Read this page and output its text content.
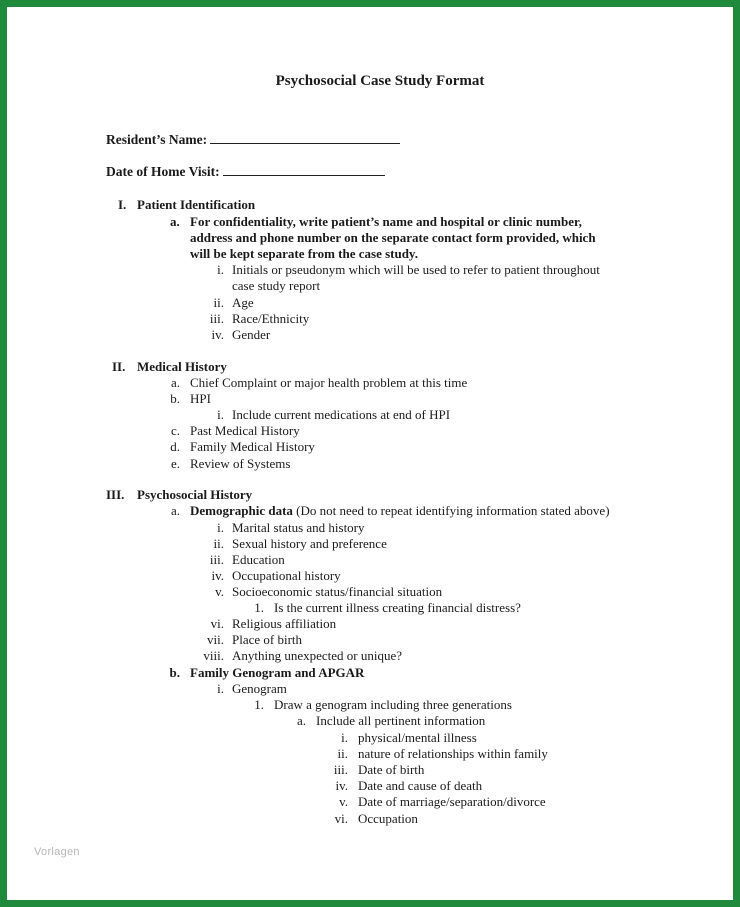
Psychosocial Case Study Format
Resident’s Name:
Date of Home Visit:
I. Patient Identification
a. For confidentiality, write patient’s name and hospital or clinic number,
address and phone number on the separate contact form provided, which
will be kept separate from the case study.
i. Initials or pseudonym which will be used to refer to patient throughout
case study report
ii. Age
iii. Race/Ethnicity
iv. Gender
II. Medical History
a. Chief Complaint or major health problem at this time
b. HPI
i. Include current medications at end of HPI
c. Past Medical History
d. Family Medical History
e. Review of Systems
III. Psychosocial History
a. Demographic data (Do not need to repeat identifying information stated above)
i. Marital status and history
ii. Sexual history and preference
iii. Education
iv. Occupational history
v. Socioeconomic status/financial situation
1. Is the current illness creating financial distress?
vi. Religious affiliation
vii. Place of birth
viii. Anything unexpected or unique?
b. Family Genogram and APGAR
i. Genogram
1. Draw a genogram including three generations
a. Include all pertinent information
i. physical/mental illness
ii. nature of relationships within family
iii. Date of birth
iv. Date and cause of death
v. Date of marriage/separation/divorce
vi. Occupation
Vorlagen
